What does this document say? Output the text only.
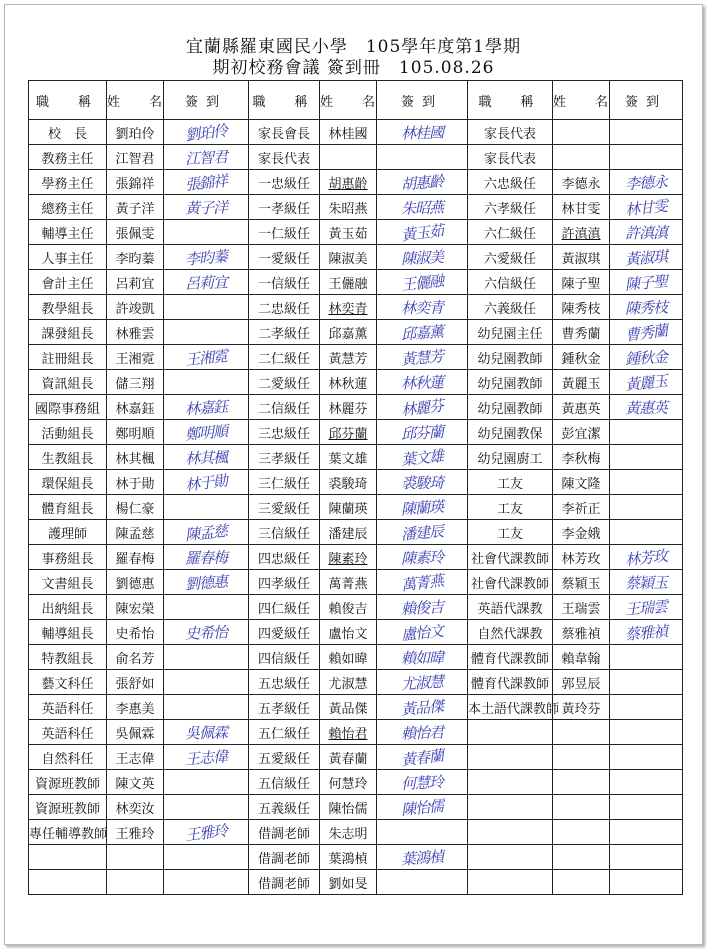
宜蘭縣羅東國民小學　105學年度第1學期
期初校務會議 簽到冊　105.08.26
職　稱	姓　名	簽到	職　稱	姓　名	簽到	職　稱	姓　名	簽到
校　長	劉珀伶	劉珀伶	家長會長	林桂國	林桂國	家長代表		
教務主任	江智君	江智君	家長代表			家長代表		
學務主任	張錦祥	張錦祥	一忠級任	胡惠齡	胡惠齡	六忠級任	李德永	李德永
總務主任	黃子洋	黃子洋	一孝級任	朱昭燕	朱昭燕	六孝級任	林甘雯	林甘雯
輔導主任	張佩雯		一仁級任	黃玉茹	黃玉茹	六仁級任	許滇滇	許滇滇
人事主任	李昀蓁	李昀蓁	一愛級任	陳淑美	陳淑美	六愛級任	黃淑琪	黃淑琪
會計主任	呂莉宜	呂莉宜	一信級任	王儷融	王儷融	六信級任	陳子聖	陳子聖
教學組長	許竣凱		二忠級任	林奕青	林奕青	六義級任	陳秀枝	陳秀枝
課發組長	林雅雲		二孝級任	邱嘉薰	邱嘉薰	幼兒園主任	曹秀蘭	曹秀蘭
註冊組長	王湘霓	王湘霓	二仁級任	黃慧芳	黃慧芳	幼兒園教師	鍾秋金	鍾秋金
資訊組長	儲三翔		二愛級任	林秋蓮	林秋蓮	幼兒園教師	黃麗玉	黃麗玉
國際事務組	林嘉鈺	林嘉鈺	二信級任	林麗芬	林麗芬	幼兒園教師	黃惠英	黃惠英
活動組長	鄭明順	鄭明順	三忠級任	邱芬蘭	邱芬蘭	幼兒園教保	彭宜潔	
生教組長	林其楓	林其楓	三孝級任	葉文雄	葉文雄	幼兒園廚工	李秋梅	
環保組長	林于勛	林于勛	三仁級任	裘駿琦	裘駿琦	工友	陳文隆	
體育組長	楊仁豪		三愛級任	陳蘭瑛	陳蘭瑛	工友	李祈正	
護理師	陳孟慈	陳孟慈	三信級任	潘建辰	潘建辰	工友	李金娥	
事務組長	羅春梅	羅春梅	四忠級任	陳素玲	陳素玲	社會代課教師	林芳玫	林芳玫
文書組長	劉德惠	劉德惠	四孝級任	萬菁燕	萬菁燕	社會代課教師	蔡穎玉	蔡穎玉
出納組長	陳宏榮		四仁級任	賴俊吉	賴俊吉	英語代課教	王瑞雲	王瑞雲
輔導組長	史希怡	史希怡	四愛級任	盧怡文	盧怡文	自然代課教	蔡雅禎	蔡雅禎
特教組長	俞名芳		四信級任	賴如暐	賴如暐	體育代課教師	賴韋翰	
藝文科任	張舒如		五忠級任	尤淑慧	尤淑慧	體育代課教師	郭昱辰	
英語科任	李惠美		五孝級任	黃品傑	黃品傑	本土語代課教師	黃玲芬	
英語科任	吳佩霖	吳佩霖	五仁級任	賴怡君	賴怡君			
自然科任	王志偉	王志偉	五愛級任	黃春蘭	黃春蘭			
資源班教師	陳文英		五信級任	何慧玲	何慧玲			
資源班教師	林奕汝		五義級任	陳怡儒	陳怡儒			
專任輔導教師	王雅玲	王雅玲	借調老師	朱志明				
			借調老師	葉鴻楨	葉鴻楨			
			借調老師	劉如旻				
